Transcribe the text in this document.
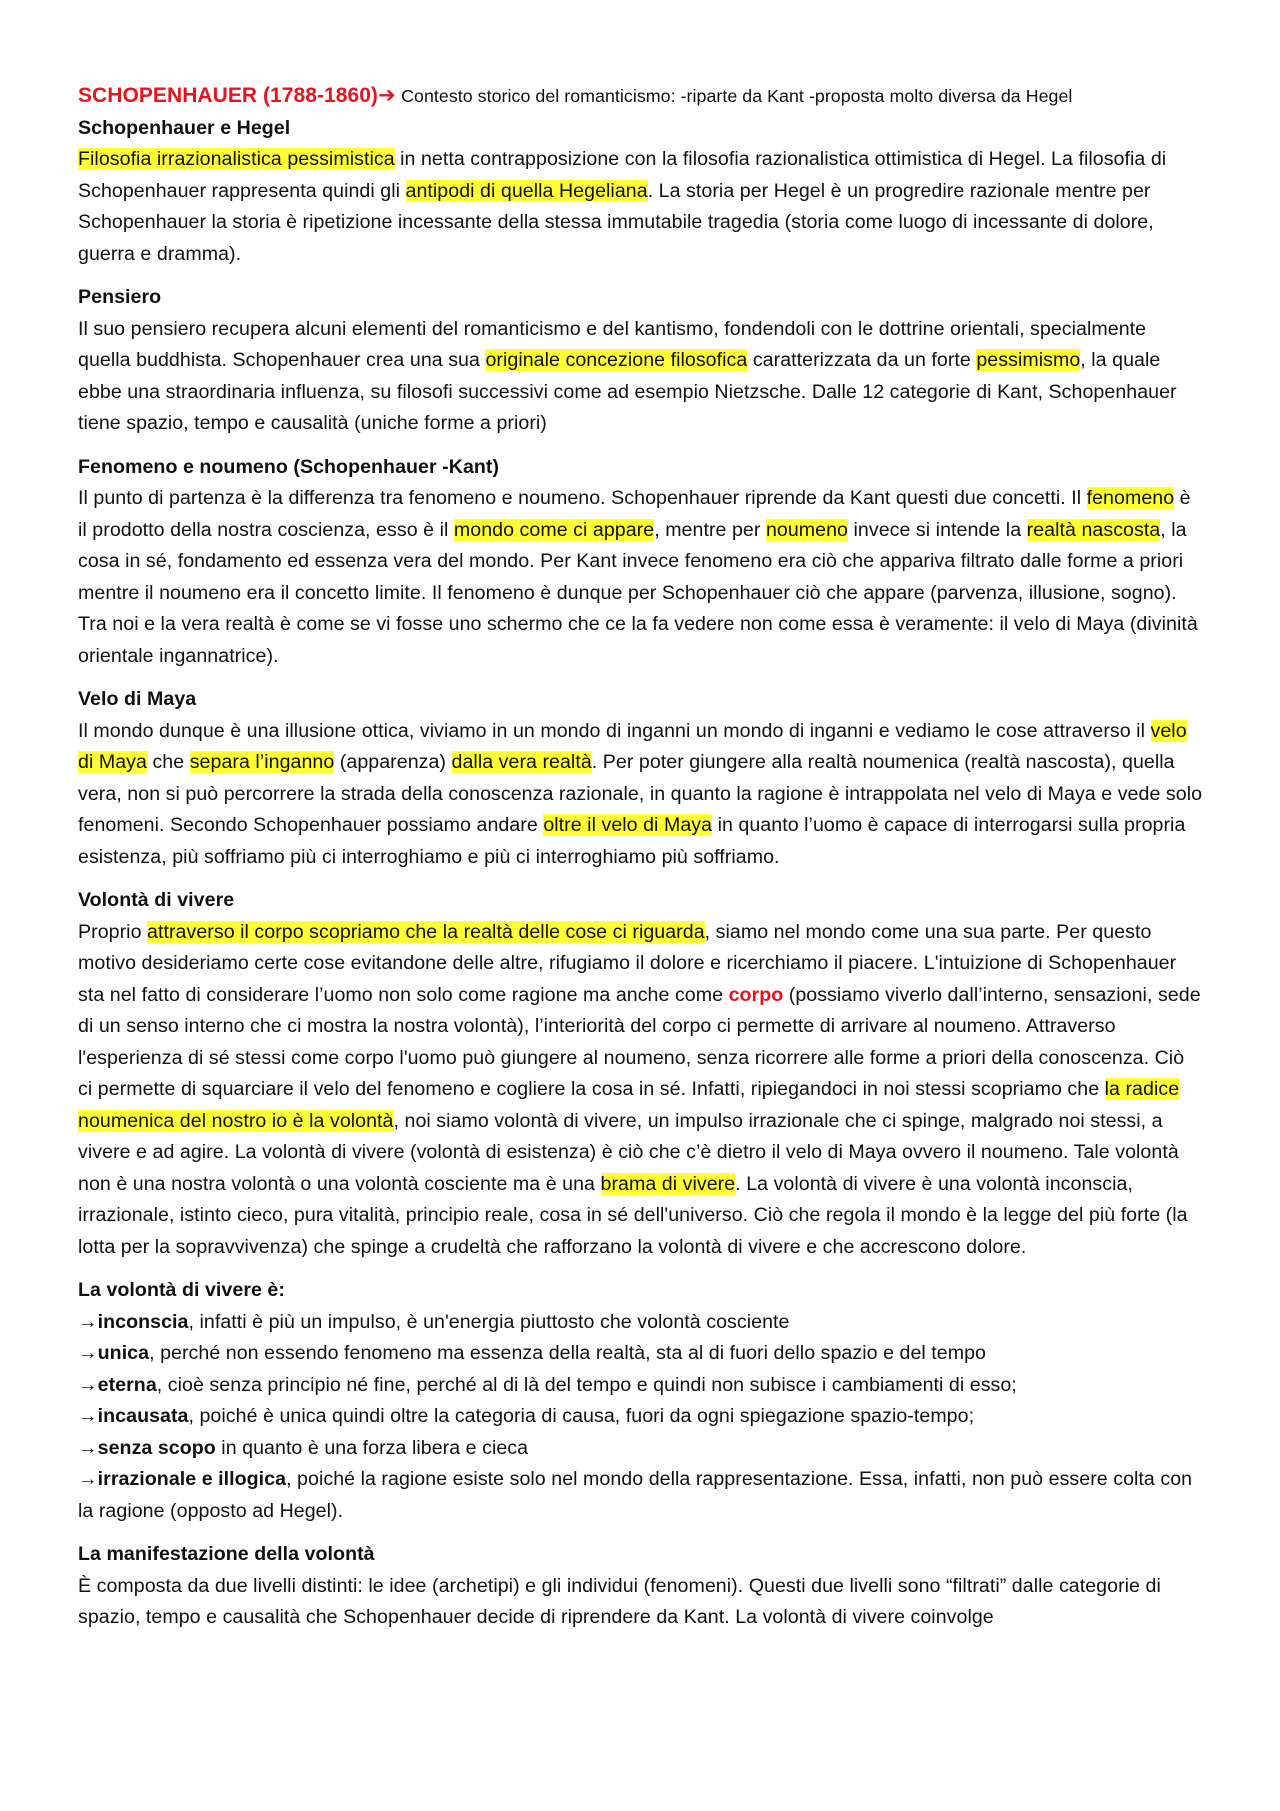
SCHOPENHAUER (1788-1860)➔ Contesto storico del romanticismo: -riparte da Kant -proposta molto diversa da Hegel

Schopenhauer e Hegel

Filosofia irrazionalistica pessimistica in netta contrapposizione con la filosofia razionalistica ottimistica di Hegel. La filosofia di Schopenhauer rappresenta quindi gli antipodi di quella Hegeliana. La storia per Hegel è un progredire razionale mentre per Schopenhauer la storia è ripetizione incessante della stessa immutabile tragedia (storia come luogo di incessante di dolore, guerra e dramma).

Pensiero

Il suo pensiero recupera alcuni elementi del romanticismo e del kantismo, fondendoli con le dottrine orientali, specialmente quella buddhista. Schopenhauer crea una sua originale concezione filosofica caratterizzata da un forte pessimismo, la quale ebbe una straordinaria influenza, su filosofi successivi come ad esempio Nietzsche. Dalle 12 categorie di Kant, Schopenhauer tiene spazio, tempo e causalità (uniche forme a priori)

Fenomeno e noumeno (Schopenhauer -Kant)

Il punto di partenza è la differenza tra fenomeno e noumeno. Schopenhauer riprende da Kant questi due concetti. Il fenomeno è il prodotto della nostra coscienza, esso è il mondo come ci appare, mentre per noumeno invece si intende la realtà nascosta, la cosa in sé, fondamento ed essenza vera del mondo. Per Kant invece fenomeno era ciò che appariva filtrato dalle forme a priori mentre il noumeno era il concetto limite. Il fenomeno è dunque per Schopenhauer ciò che appare (parvenza, illusione, sogno). Tra noi e la vera realtà è come se vi fosse uno schermo che ce la fa vedere non come essa è veramente: il velo di Maya (divinità orientale ingannatrice).

Velo di Maya

Il mondo dunque è una illusione ottica, viviamo in un mondo di inganni un mondo di inganni e vediamo le cose attraverso il velo di Maya che separa l’inganno (apparenza) dalla vera realtà. Per poter giungere alla realtà noumenica (realtà nascosta), quella vera, non si può percorrere la strada della conoscenza razionale, in quanto la ragione è intrappolata nel velo di Maya e vede solo fenomeni. Secondo Schopenhauer possiamo andare oltre il velo di Maya in quanto l’uomo è capace di interrogarsi sulla propria esistenza, più soffriamo più ci interroghiamo e più ci interroghiamo più soffriamo.

Volontà di vivere

Proprio attraverso il corpo scopriamo che la realtà delle cose ci riguarda, siamo nel mondo come una sua parte. Per questo motivo desideriamo certe cose evitandone delle altre, rifugiamo il dolore e ricerchiamo il piacere. L'intuizione di Schopenhauer sta nel fatto di considerare l’uomo non solo come ragione ma anche come corpo (possiamo viverlo dall’interno, sensazioni, sede di un senso interno che ci mostra la nostra volontà), l’interiorità del corpo ci permette di arrivare al noumeno. Attraverso l'esperienza di sé stessi come corpo l'uomo può giungere al noumeno, senza ricorrere alle forme a priori della conoscenza. Ciò ci permette di squarciare il velo del fenomeno e cogliere la cosa in sé. Infatti, ripiegandoci in noi stessi scopriamo che la radice noumenica del nostro io è la volontà, noi siamo volontà di vivere, un impulso irrazionale che ci spinge, malgrado noi stessi, a vivere e ad agire. La volontà di vivere (volontà di esistenza) è ciò che c’è dietro il velo di Maya ovvero il noumeno. Tale volontà non è una nostra volontà o una volontà cosciente ma è una brama di vivere. La volontà di vivere è una volontà inconscia, irrazionale, istinto cieco, pura vitalità, principio reale, cosa in sé dell'universo. Ciò che regola il mondo è la legge del più forte (la lotta per la sopravvivenza) che spinge a crudeltà che rafforzano la volontà di vivere e che accrescono dolore.

La volontà di vivere è:

→inconscia, infatti è più un impulso, è un'energia piuttosto che volontà cosciente

→unica, perché non essendo fenomeno ma essenza della realtà, sta al di fuori dello spazio e del tempo

→eterna, cioè senza principio né fine, perché al di là del tempo e quindi non subisce i cambiamenti di esso;

→incausata, poiché è unica quindi oltre la categoria di causa, fuori da ogni spiegazione spazio-tempo;

→senza scopo in quanto è una forza libera e cieca

→irrazionale e illogica, poiché la ragione esiste solo nel mondo della rappresentazione. Essa, infatti, non può essere colta con la ragione (opposto ad Hegel).

La manifestazione della volontà

È composta da due livelli distinti: le idee (archetipi) e gli individui (fenomeni). Questi due livelli sono “filtrati” dalle categorie di spazio, tempo e causalità che Schopenhauer decide di riprendere da Kant. La volontà di vivere coinvolge
